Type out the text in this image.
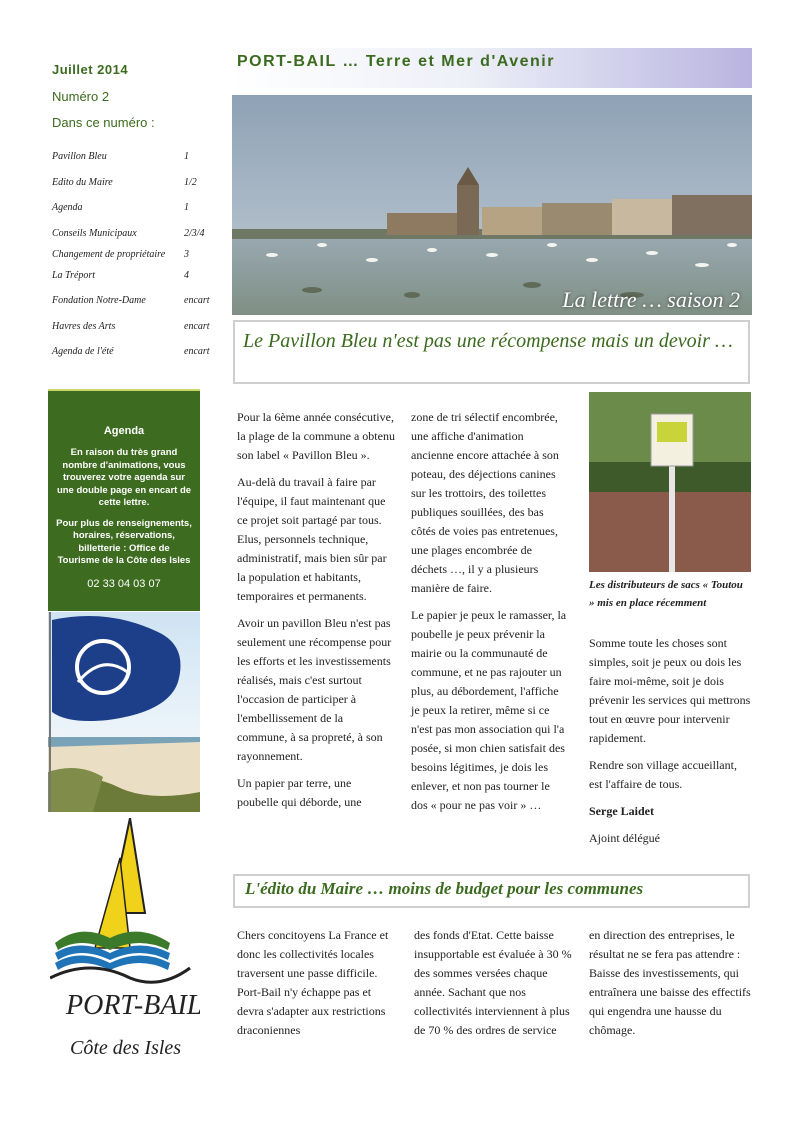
Juillet 2014
Numéro 2
Dans ce numéro :
Pavillon Bleu	1
Edito du Maire	1/2
Agenda	1
Conseils Municipaux	2/3/4
Changement de propriétaire 3
La Tréport	4
Fondation Notre-Dame	encart
Havres des Arts	encart
Agenda de l'été	encart
Agenda

En raison du très grand nombre d'animations, vous trouverez votre agenda sur une double page en encart de cette lettre.

Pour plus de renseignements, horaires, réservations, billetterie : Office de Tourisme de la Côte des Isles

02 33 04 03 07

PORT-BAIL
Côte des Isles
PORT-BAIL … Terre et Mer d'Avenir
La lettre … saison 2
Le Pavillon Bleu n'est pas une récompense mais un devoir …

Pour la 6ème année consécutive, la plage de la commune a obtenu son label « Pavillon Bleu ».

Au-delà du travail à faire par l'équipe, il faut maintenant que ce projet soit partagé par tous. Elus, personnels technique, administratif, mais bien sûr par la population et habitants, temporaires et permanents.

Avoir un pavillon Bleu n'est pas seulement une récompense pour les efforts et les investissements réalisés, mais c'est surtout l'occasion de participer à l'embellissement de la commune, à sa propreté, à son rayonnement.

Un papier par terre, une poubelle qui déborde, une

zone de tri sélectif encombrée, une affiche d'animation ancienne encore attachée à son poteau, des déjections canines sur les trottoirs, des toilettes publiques souillées, des bas côtés de voies pas entretenues, une plages encombrée de déchets …, il y a plusieurs manière de faire.

Le papier je peux le ramasser, la poubelle je peux prévenir la mairie ou la communauté de commune, et ne pas rajouter un plus, au débordement, l'affiche je peux la retirer, même si ce n'est pas mon association qui l'a posée, si mon chien satisfait des besoins légitimes, je dois les enlever, et non pas tourner le dos « pour ne pas voir » …

Les distributeurs de sacs « Toutou » mis en place récemment

Somme toute les choses sont simples, soit je peux ou dois les faire moi-même, soit je dois prévenir les services qui mettrons tout en œuvre pour intervenir rapidement.

Rendre son village accueillant, est l'affaire de tous.

Serge Laidet

Ajoint délégué

L'édito du Maire … moins de budget pour les communes

Chers concitoyens La France et donc les collectivités locales traversent une passe difficile. Port-Bail n'y échappe pas et devra s'adapter aux restrictions draconiennes

des fonds d'Etat. Cette baisse insupportable est évaluée à 30 % des sommes versées chaque année. Sachant que nos collectivités interviennent à plus de 70 % des ordres de service

en direction des entreprises, le résultat ne se fera pas attendre : Baisse des investissements, qui entraînera une baisse des effectifs qui engendra une hausse du chômage.
